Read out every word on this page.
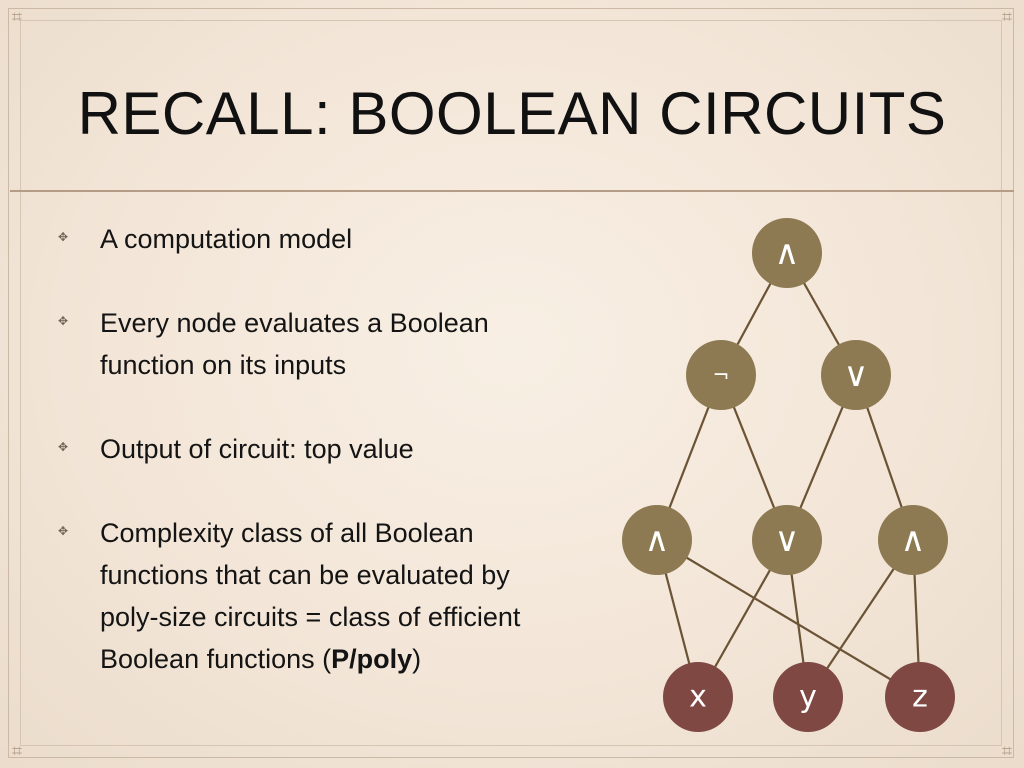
⌗	⌗
⌗	⌗
RECALL: BOOLEAN CIRCUITS
✥ A computation model
✥ Every node evaluates a Boolean function on its inputs
✥ Output of circuit: top value
✥ Complexity class of all Boolean functions that can be evaluated by poly-size circuits = class of efficient Boolean functions (P/poly)
∧
¬	∨
∧	∨	∧
x	y	z
